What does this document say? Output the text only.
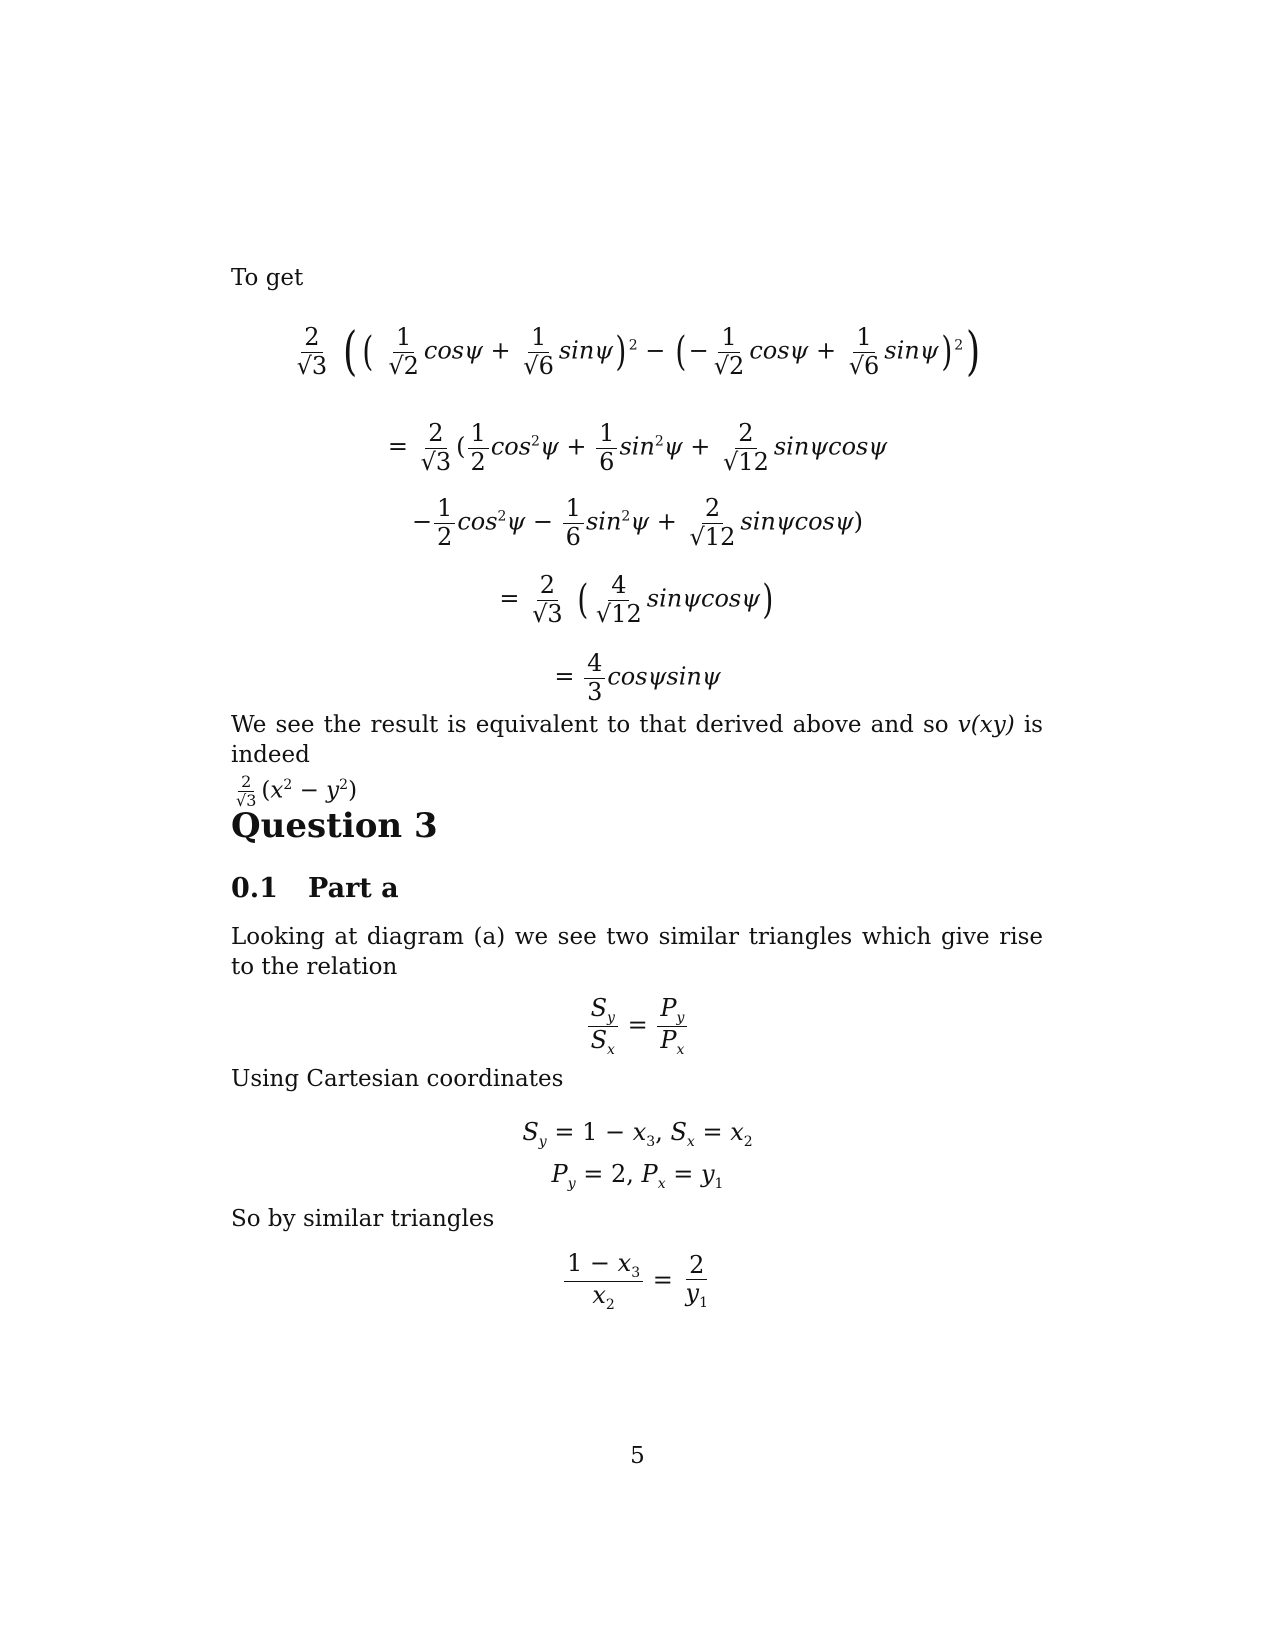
To get
$\frac{2}{√3}$ ( ( $\frac{1}{√2}$ $\cos\psi + \frac{1}{√6} \sin\psi$) $^2$ − (− $\frac{1}{√2}$ $\cos\psi + \frac{1}{√6} \sin\psi$) $^2$)
= $\frac{2}{√3}$ ( $\frac{1}{2} \cos^2\psi + \frac{1}{6} \sin^2\psi + \frac{2}{√12}$ sinψcosψ
− $\frac{1}{2} \cos^2\psi - \frac{1}{6} \sin^2\psi + \frac{2}{√12} \sin\psi\cos\psi$)
= $\frac{2}{√3}$ ( $\frac{4}{√12} \sin\psi\cos\psi$)
= $\frac{4}{3}$ cosψsinψ
We see the result is equivalent to that derived above and so v(xy) is indeed

$\frac{2}{√3} (x^2 - y^2)$
Question 3
0.1 Part a
Looking at diagram (a) we see two similar triangles which give rise to the relation
$\frac{S_y}{S_x} = \frac{P_y}{P_x}$
Using Cartesian coordinates
$S_y = 1 - x_3$, $S_x = x_2$
$P_y = 2$, $P_x = y_1$
So by similar triangles
$\frac{1 - x_3}{x_2} = \frac{2}{y_1}$
5
